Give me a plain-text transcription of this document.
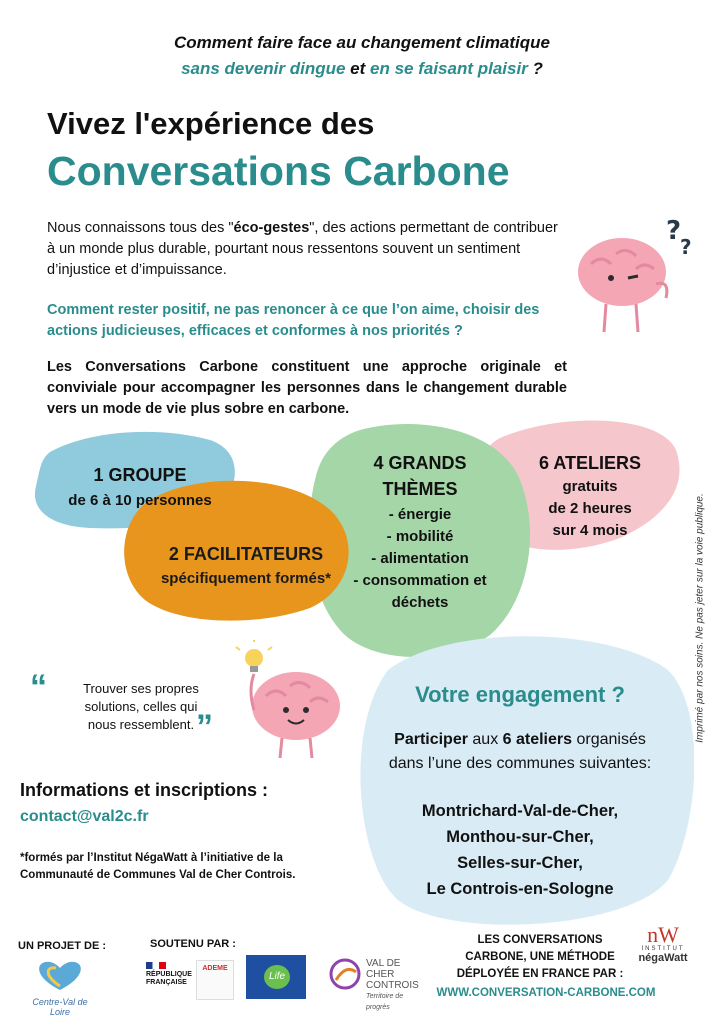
Comment faire face au changement climatique
sans devenir dingue et en se faisant plaisir ?
Vivez l'expérience des
Conversations Carbone
?
?
Nous connaissons tous des "éco-gestes", des actions permettant de contribuer à un monde plus durable, pourtant nous ressentons souvent un sentiment d’injustice et d’impuissance.
Comment rester positif, ne pas renoncer à ce que l’on aime, choisir des actions judicieuses, efficaces et conformes à nos priorités ?
Les Conversations Carbone constituent une approche originale et conviviale pour accompagner les personnes dans le changement durable vers un mode de vie plus sobre en carbone.
1 GROUPE
de 6 à 10 personnes
2 FACILITATEURS
spécifiquement formés*
4 GRANDS
THÈMES
- énergie
- mobilité
- alimentation
- consommation et
déchets
6 ATELIERS
gratuits
de 2 heures
sur 4 mois
“	Trouver ses propres
solutions, celles qui
nous ressemblent. ”
Votre engagement ?
Participer aux 6 ateliers organisés
dans l’une des communes suivantes:
Montrichard-Val-de-Cher,
Monthou-sur-Cher,
Selles-sur-Cher,
Le Controis-en-Sologne
Informations et inscriptions :
contact@val2c.fr
*formés par l’Institut NégaWatt à l’initiative de la Communauté de Communes Val de Cher Controis.
Imprimé par nos soins. Ne pas jeter sur la voie publique.
UN PROJET DE :
Centre-Val de Loire
SOUTENU PAR :
RÉPUBLIQUE FRANÇAISE
ADEME
Life
VAL DE CHER
CONTROIS
Territoire de progrès
LES CONVERSATIONS
CARBONE, UNE MÉTHODE
DÉPLOYÉE EN FRANCE PAR :
WWW.CONVERSATION-CARBONE.COM
nW
INSTITUT
négaWatt
